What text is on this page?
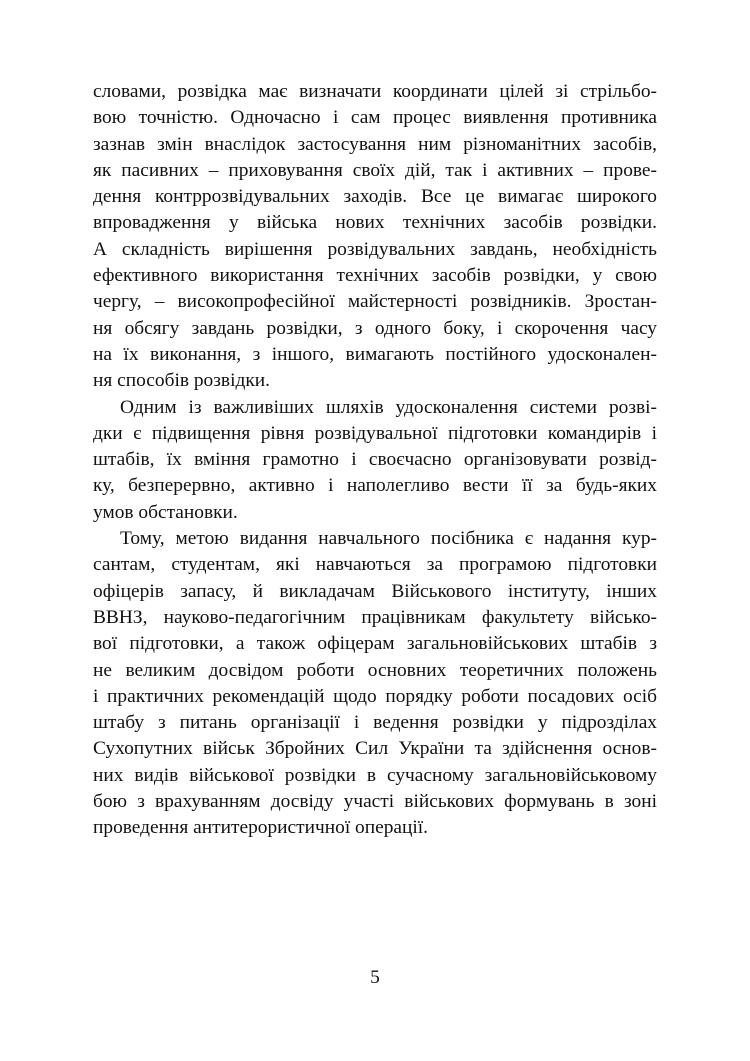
словами, розвідка має визначати координати цілей зі стрільбо-
вою точністю. Одночасно і сам процес виявлення противника
зазнав змін внаслідок застосування ним різноманітних засобів,
як пасивних – приховування своїх дій, так і активних – прове-
дення контррозвідувальних заходів. Все це вимагає широкого
впровадження у війська нових технічних засобів розвідки.
А складність вирішення розвідувальних завдань, необхідність
ефективного використання технічних засобів розвідки, у свою
чергу, – високопрофесійної майстерності розвідників. Зростан-
ня обсягу завдань розвідки, з одного боку, і скорочення часу
на їх виконання, з іншого, вимагають постійного удосконален-
ня способів розвідки.
Одним із важливіших шляхів удосконалення системи розві-
дки є підвищення рівня розвідувальної підготовки командирів і
штабів, їх вміння грамотно і своєчасно організовувати розвід-
ку, безперервно, активно і наполегливо вести її за будь-яких
умов обстановки.
Тому, метою видання навчального посібника є надання кур-
сантам, студентам, які навчаються за програмою підготовки
офіцерів запасу, й викладачам Військового інституту, інших
ВВНЗ, науково-педагогічним працівникам факультету військо-
вої підготовки, а також офіцерам загальновійськових штабів з
не великим досвідом роботи основних теоретичних положень
і практичних рекомендацій щодо порядку роботи посадових осіб
штабу з питань організації і ведення розвідки у підрозділах
Сухопутних військ Збройних Сил України та здійснення основ-
них видів військової розвідки в сучасному загальновійськовому
бою з врахуванням досвіду участі військових формувань в зоні
проведення антитерористичної операції.
5
